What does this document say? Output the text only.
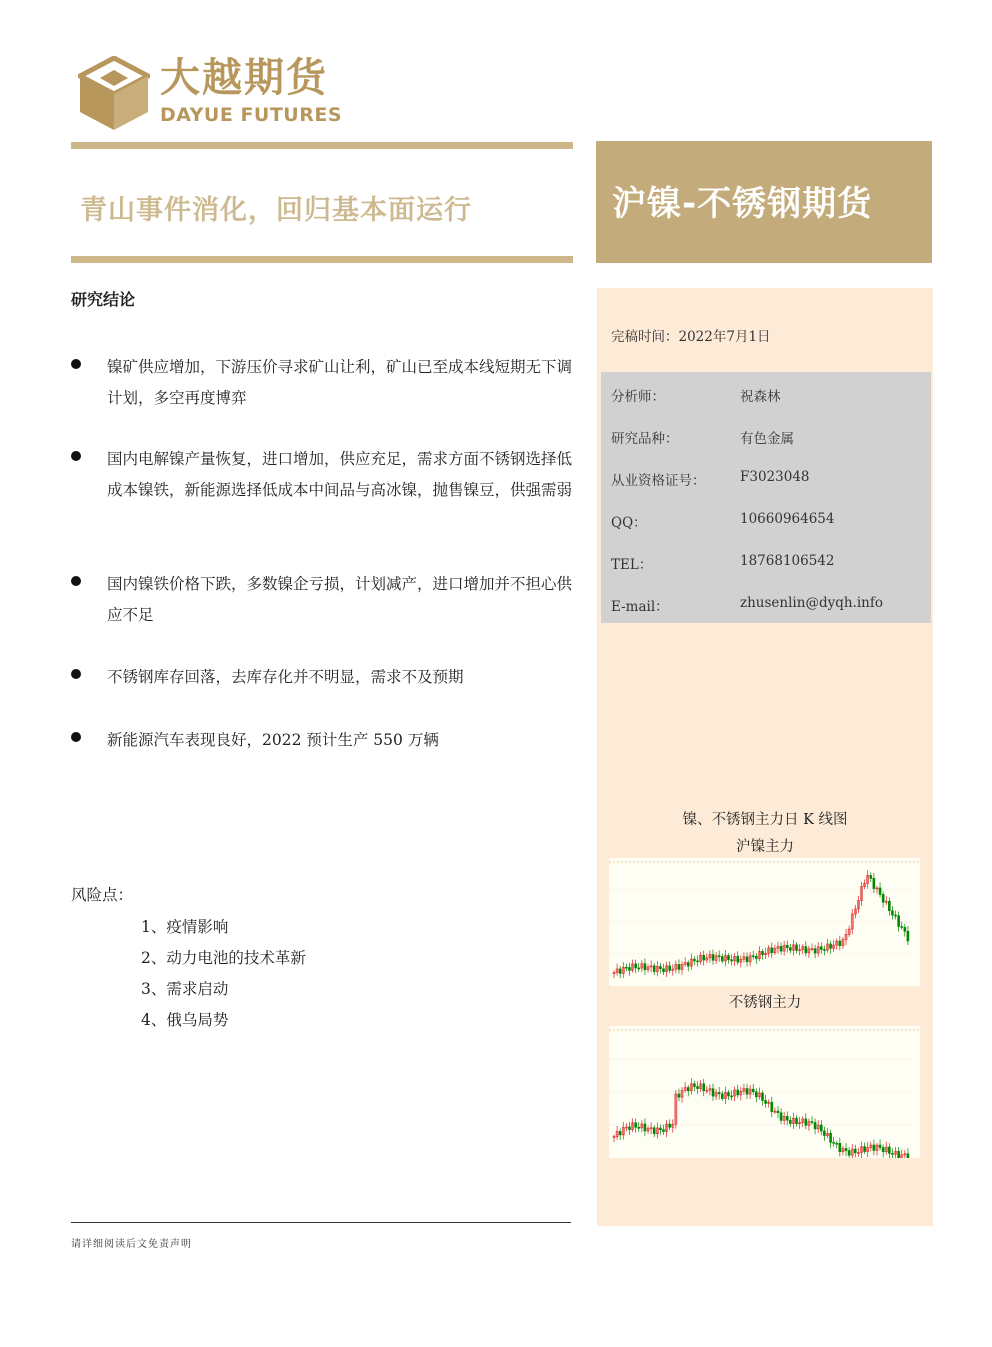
大越期货
DAYUE FUTURES
青山事件消化，回归基本面运行	沪镍-不锈钢期货
研究结论
镍矿供应增加，下游压价寻求矿山让利，矿山已至成本线短期无下调计划，多空再度博弈
国内电解镍产量恢复，进口增加，供应充足，需求方面不锈钢选择低成本镍铁，新能源选择低成本中间品与高冰镍，抛售镍豆，供强需弱
国内镍铁价格下跌，多数镍企亏损，计划减产，进口增加并不担心供应不足
不锈钢库存回落，去库存化并不明显，需求不及预期
新能源汽车表现良好，2022 预计生产 550 万辆
风险点：
1、疫情影响
2、动力电池的技术革新
3、需求启动
4、俄乌局势
请详细阅读后文免责声明
完稿时间：2022年7月1日
分析师：	祝森林
研究品种：	有色金属
从业资格证号：	F3023048
QQ：	10660964654
TEL：	18768106542
E-mail：	zhusenlin@dyqh.info
镍、不锈钢主力日 K 线图
沪镍主力
不锈钢主力
